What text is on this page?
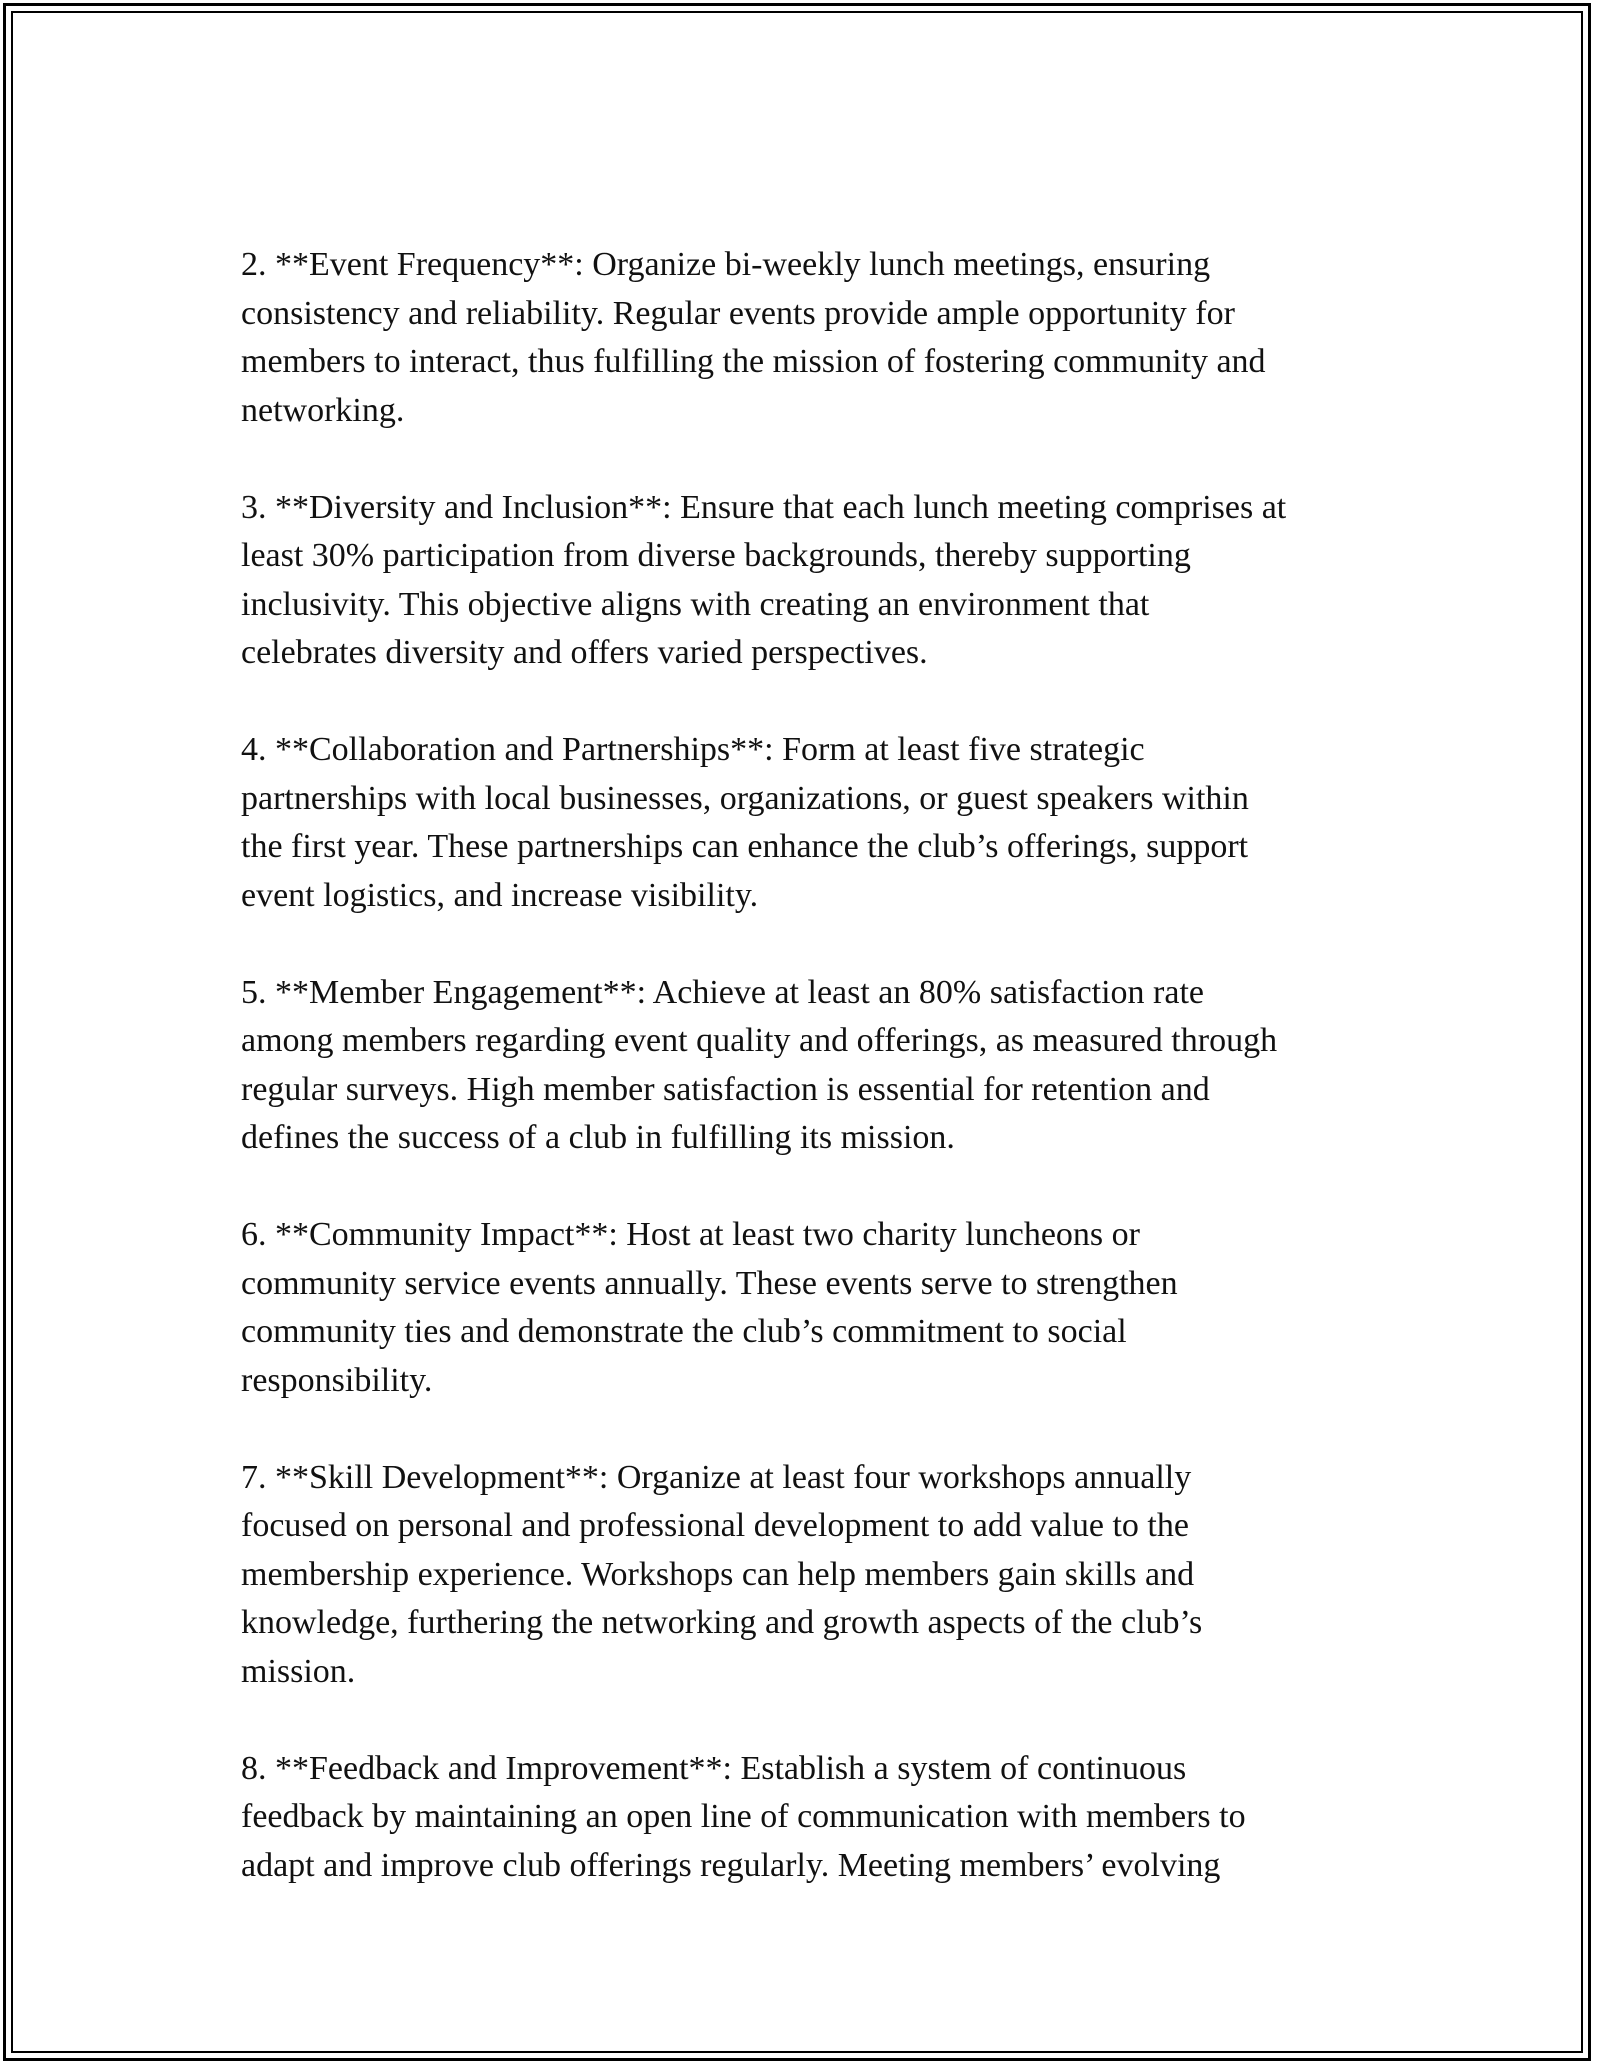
2. **Event Frequency**: Organize bi-weekly lunch meetings, ensuring
consistency and reliability. Regular events provide ample opportunity for
members to interact, thus fulfilling the mission of fostering community and
networking.

3. **Diversity and Inclusion**: Ensure that each lunch meeting comprises at
least 30% participation from diverse backgrounds, thereby supporting
inclusivity. This objective aligns with creating an environment that
celebrates diversity and offers varied perspectives.

4. **Collaboration and Partnerships**: Form at least five strategic
partnerships with local businesses, organizations, or guest speakers within
the first year. These partnerships can enhance the club’s offerings, support
event logistics, and increase visibility.

5. **Member Engagement**: Achieve at least an 80% satisfaction rate
among members regarding event quality and offerings, as measured through
regular surveys. High member satisfaction is essential for retention and
defines the success of a club in fulfilling its mission.

6. **Community Impact**: Host at least two charity luncheons or
community service events annually. These events serve to strengthen
community ties and demonstrate the club’s commitment to social
responsibility.

7. **Skill Development**: Organize at least four workshops annually
focused on personal and professional development to add value to the
membership experience. Workshops can help members gain skills and
knowledge, furthering the networking and growth aspects of the club’s
mission.

8. **Feedback and Improvement**: Establish a system of continuous
feedback by maintaining an open line of communication with members to
adapt and improve club offerings regularly. Meeting members’ evolving
